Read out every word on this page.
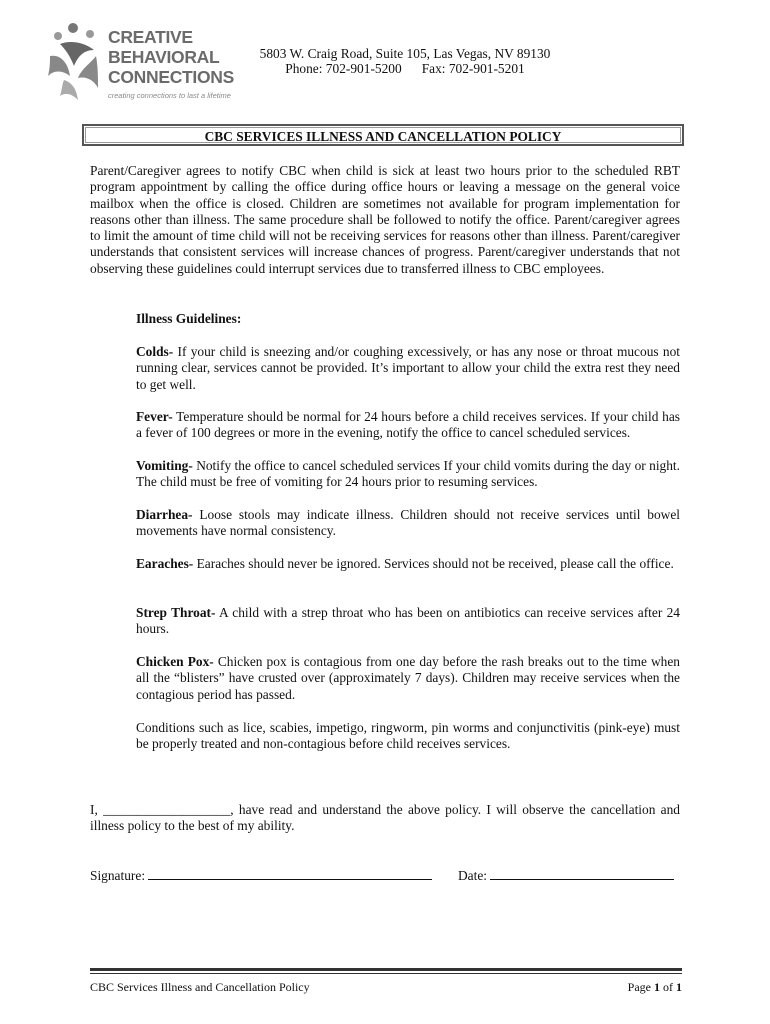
CREATIVE
BEHAVIORAL
CONNECTIONS
creating connections to last a lifetime
5803 W. Craig Road, Suite 105, Las Vegas, NV 89130
Phone: 702-901-5200 Fax: 702-901-5201
CBC SERVICES ILLNESS AND CANCELLATION POLICY

Parent/Caregiver agrees to notify CBC when child is sick at least two hours prior to the scheduled RBT program appointment by calling the office during office hours or leaving a message on the general voice mailbox when the office is closed. Children are sometimes not available for program implementation for reasons other than illness. The same procedure shall be followed to notify the office. Parent/caregiver agrees to limit the amount of time child will not be receiving services for reasons other than illness. Parent/caregiver understands that consistent services will increase chances of progress. Parent/caregiver understands that not observing these guidelines could interrupt services due to transferred illness to CBC employees.

Illness Guidelines:

Colds- If your child is sneezing and/or coughing excessively, or has any nose or throat mucous not running clear, services cannot be provided. It’s important to allow your child the extra rest they need to get well.

Fever- Temperature should be normal for 24 hours before a child receives services. If your child has a fever of 100 degrees or more in the evening, notify the office to cancel scheduled services.

Vomiting- Notify the office to cancel scheduled services If your child vomits during the day or night. The child must be free of vomiting for 24 hours prior to resuming services.

Diarrhea- Loose stools may indicate illness. Children should not receive services until bowel movements have normal consistency.

Earaches- Earaches should never be ignored. Services should not be received, please call the office.

Strep Throat- A child with a strep throat who has been on antibiotics can receive services after 24 hours.

Chicken Pox- Chicken pox is contagious from one day before the rash breaks out to the time when all the “blisters” have crusted over (approximately 7 days). Children may receive services when the contagious period has passed.

Conditions such as lice, scabies, impetigo, ringworm, pin worms and conjunctivitis (pink-eye) must be properly treated and non-contagious before child receives services.

I, ___________________, have read and understand the above policy. I will observe the cancellation and illness policy to the best of my ability.

Signature:	Date:
CBC Services Illness and Cancellation Policy	Page 1 of 1
